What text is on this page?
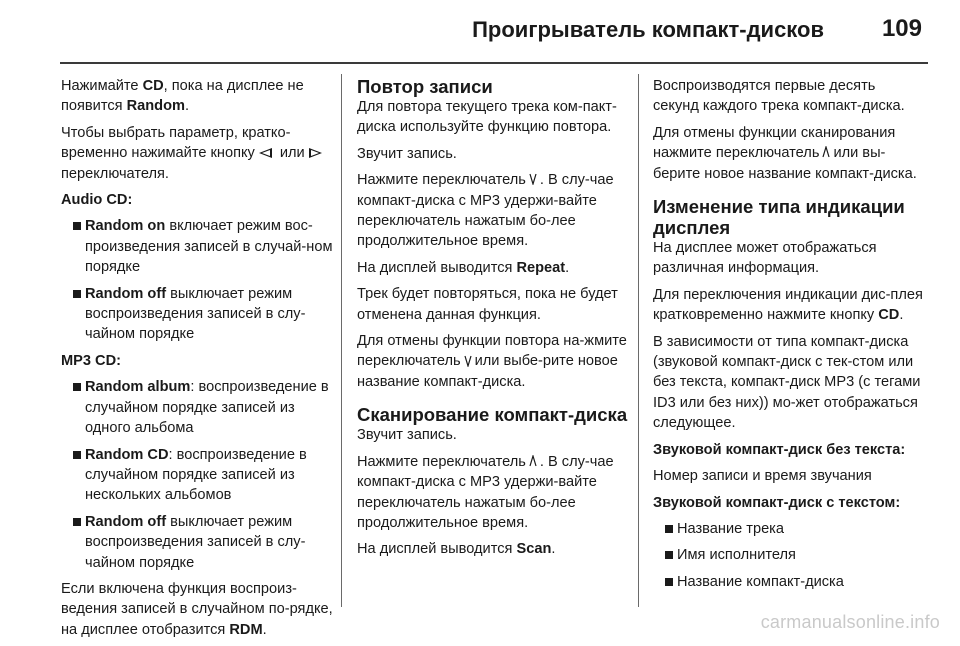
Проигрыватель компакт-дисков 109

Нажимайте CD, пока на дисплее не появится Random.

Чтобы выбрать параметр, кратко-временно нажимайте кнопку или переключателя.

Audio CD:

Random on включает режим вос-произведения записей в случай-ном порядке
Random off выключает режим воспроизведения записей в слу-чайном порядке

MP3 CD:

Random album: воспроизведение в случайном порядке записей из одного альбома
Random CD: воспроизведение в случайном порядке записей из нескольких альбомов
Random off выключает режим воспроизведения записей в слу-чайном порядке

Если включена функция воспроиз-ведения записей в случайном по-рядке, на дисплее отобразится RDM.

Повтор записи

Для повтора текущего трека ком-пакт-диска используйте функцию повтора.

Звучит запись.

Нажмите переключатель . В слу-чае компакт-диска с MP3 удержи-вайте переключатель нажатым бо-лее продолжительное время.

На дисплей выводится Repeat.

Трек будет повторяться, пока не будет отменена данная функция.

Для отмены функции повтора на-жмите переключатель или выбе-рите новое название компакт-диска.

Сканирование компакт-диска

Звучит запись.

Нажмите переключатель . В слу-чае компакт-диска с MP3 удержи-вайте переключатель нажатым бо-лее продолжительное время.

На дисплей выводится Scan.

Воспроизводятся первые десять секунд каждого трека компакт-диска.

Для отмены функции сканирования нажмите переключатель или вы-берите новое название компакт-диска.

Изменение типа индикации дисплея

На дисплее может отображаться различная информация.

Для переключения индикации дис-плея кратковременно нажмите кнопку CD.

В зависимости от типа компакт-диска (звуковой компакт-диск с тек-стом или без текста, компакт-диск MP3 (с тегами ID3 или без них)) мо-жет отображаться следующее.

Звуковой компакт-диск без текста:

Номер записи и время звучания

Звуковой компакт-диск с текстом:

Название трека
Имя исполнителя
Название компакт-диска
carmanualsonline.info
